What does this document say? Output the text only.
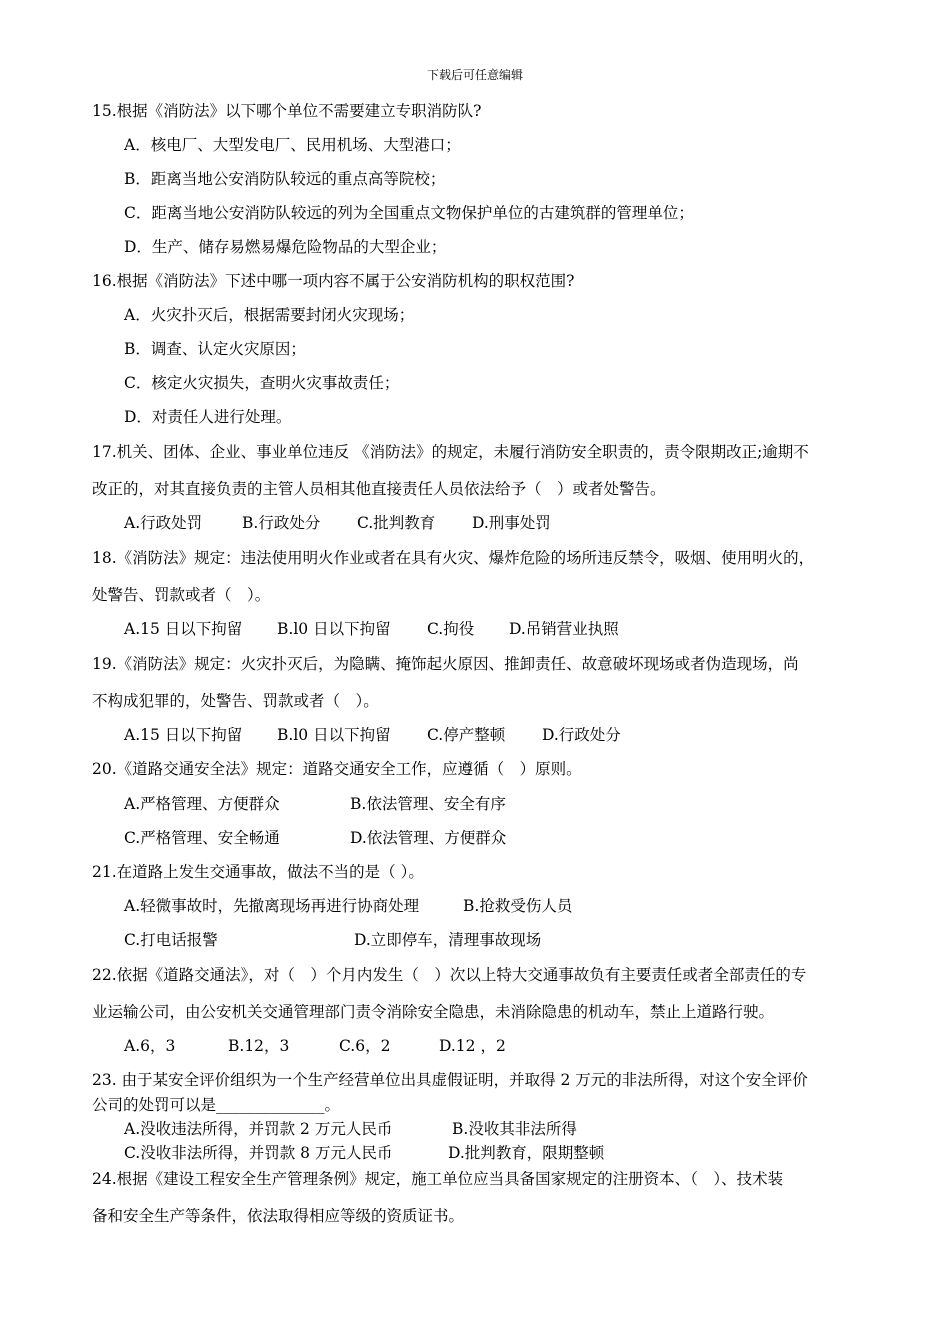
下载后可任意编辑
15.根据《消防法》以下哪个单位不需要建立专职消防队?
A．核电厂、大型发电厂、民用机场、大型港口；
B．距离当地公安消防队较远的重点高等院校；
C．距离当地公安消防队较远的列为全国重点文物保护单位的古建筑群的管理单位；
D．生产、储存易燃易爆危险物品的大型企业；
16.根据《消防法》下述中哪一项内容不属于公安消防机构的职权范围?
A．火灾扑灭后，根据需要封闭火灾现场；
B．调查、认定火灾原因；
C．核定火灾损失，查明火灾事故责任；
D．对责任人进行处理。
17.机关、团体、企业、事业单位违反 《消防法》的规定，未履行消防安全职责的，责令限期改正;逾期不
改正的，对其直接负责的主管人员相其他直接责任人员依法给予（　）或者处警告。
A.行政处罚	B.行政处分 C.批判教育 D.刑事处罚
18.《消防法》规定：违法使用明火作业或者在具有火灾、爆炸危险的场所违反禁令，吸烟、使用明火的，
处警告、罚款或者（　）。
A.15 日以下拘留 B.l0 日以下拘留 C.拘役 D.吊销营业执照
19.《消防法》规定：火灾扑灭后，为隐瞒、掩饰起火原因、推卸责任、故意破坏现场或者伪造现场，尚
不构成犯罪的，处警告、罚款或者（　）。
A.15 日以下拘留 B.l0 日以下拘留 C.停产整顿 D.行政处分
20.《道路交通安全法》规定：道路交通安全工作，应遵循（　）原则。
A.严格管理、方便群众	B.依法管理、安全有序
C.严格管理、安全畅通	D.依法管理、方便群众
21.在道路上发生交通事故，做法不当的是（ ）。
A.轻微事故时，先撤离现场再进行协商处理	B.抢救受伤人员
C.打电话报警	D.立即停车，清理事故现场
22.依据《道路交通法》，对（　）个月内发生（　）次以上特大交通事故负有主要责任或者全部责任的专
业运输公司，由公安机关交通管理部门责令消除安全隐患，未消除隐患的机动车，禁止上道路行驶。
A.6，3	B.12，3	C.6，2	D.12 ，2
23. 由于某安全评价组织为一个生产经营单位出具虚假证明，并取得 2 万元的非法所得，对这个安全评价
公司的处罚可以是______________。
A.没收违法所得，并罚款 2 万元人民币	B.没收其非法所得
C.没收非法所得，并罚款 8 万元人民币	D.批判教育，限期整顿
24.根据《建设工程安全生产管理条例》规定，施工单位应当具备国家规定的注册资本、（　）、技术装
备和安全生产等条件，依法取得相应等级的资质证书。
